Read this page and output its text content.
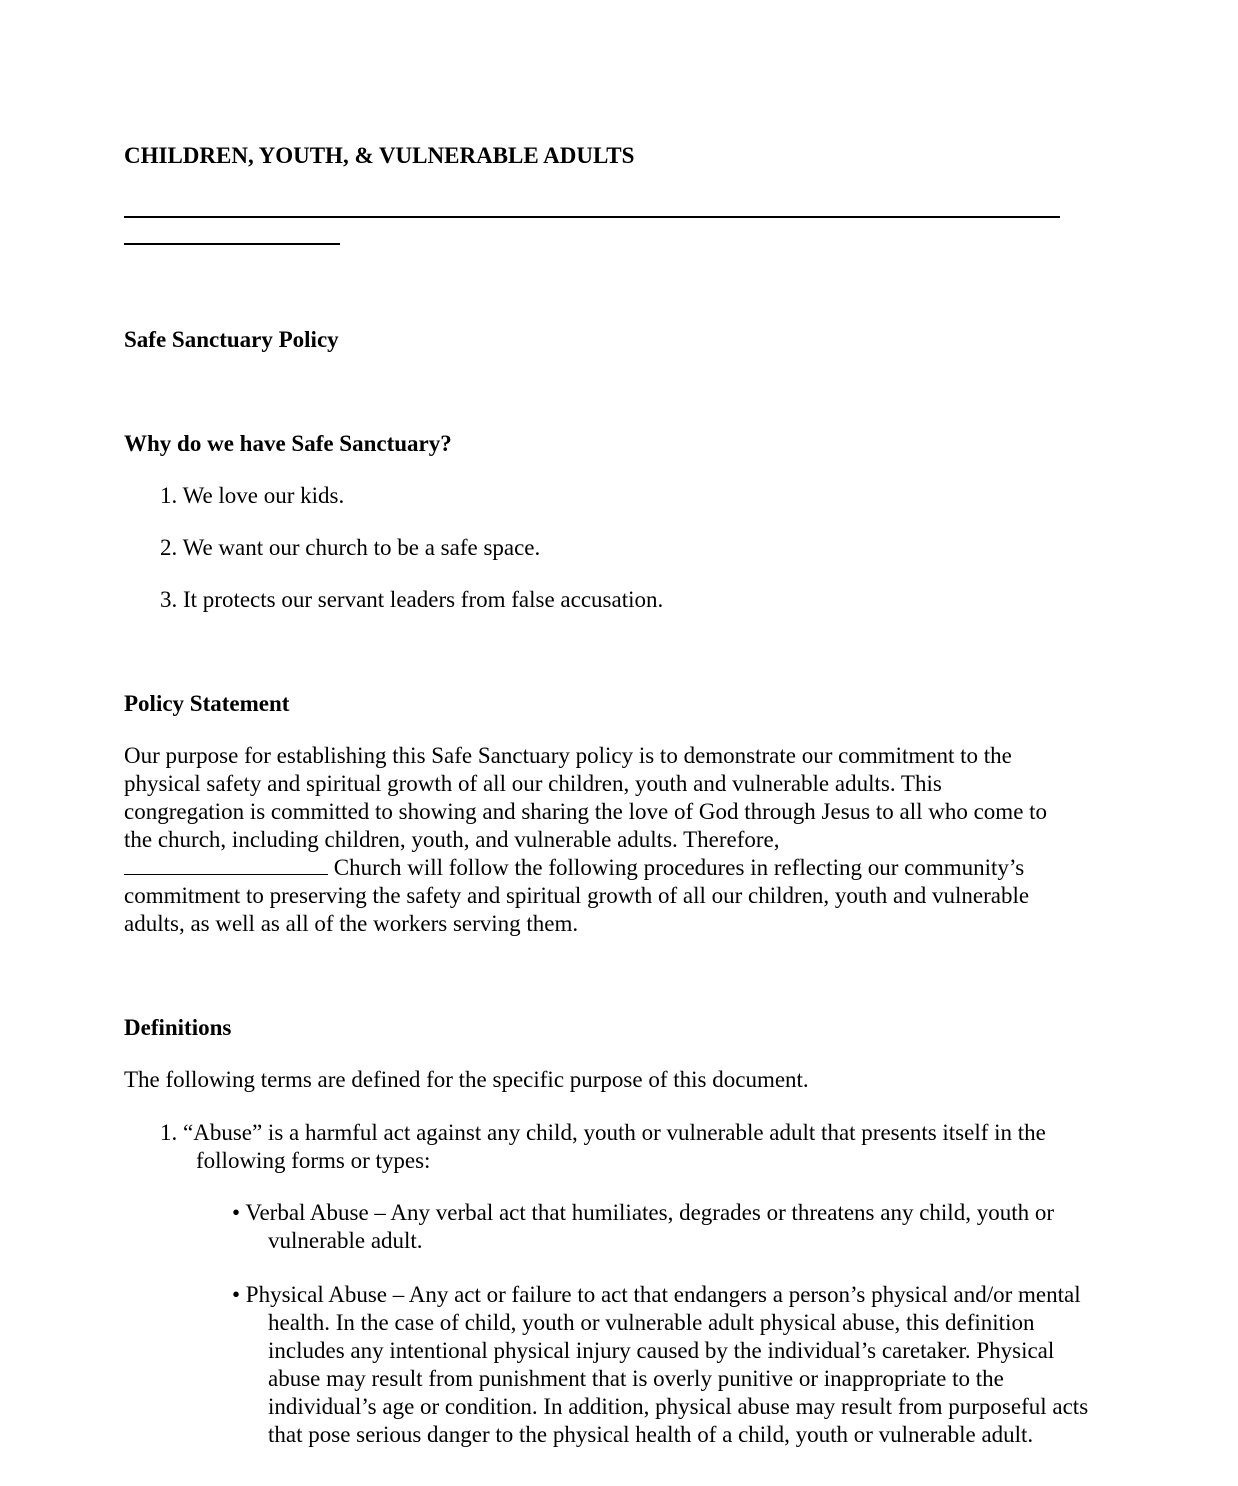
CHILDREN, YOUTH, & VULNERABLE ADULTS
Safe Sanctuary Policy
Why do we have Safe Sanctuary?
1. We love our kids.
2. We want our church to be a safe space.
3. It protects our servant leaders from false accusation.
Policy Statement

Our purpose for establishing this Safe Sanctuary policy is to demonstrate our commitment to the physical safety and spiritual growth of all our children, youth and vulnerable adults. This congregation is committed to showing and sharing the love of God through Jesus to all who come to the church, including children, youth, and vulnerable adults. Therefore,
Church will follow the following procedures in reflecting our community’s commitment to preserving the safety and spiritual growth of all our children, youth and vulnerable adults, as well as all of the workers serving them.

Definitions

The following terms are defined for the specific purpose of this document.

1. “Abuse” is a harmful act against any child, youth or vulnerable adult that presents itself in the following forms or types:
• Verbal Abuse – Any verbal act that humiliates, degrades or threatens any child, youth or vulnerable adult.
• Physical Abuse – Any act or failure to act that endangers a person’s physical and/or mental health. In the case of child, youth or vulnerable adult physical abuse, this definition includes any intentional physical injury caused by the individual’s caretaker. Physical abuse may result from punishment that is overly punitive or inappropriate to the individual’s age or condition. In addition, physical abuse may result from purposeful acts that pose serious danger to the physical health of a child, youth or vulnerable adult.
